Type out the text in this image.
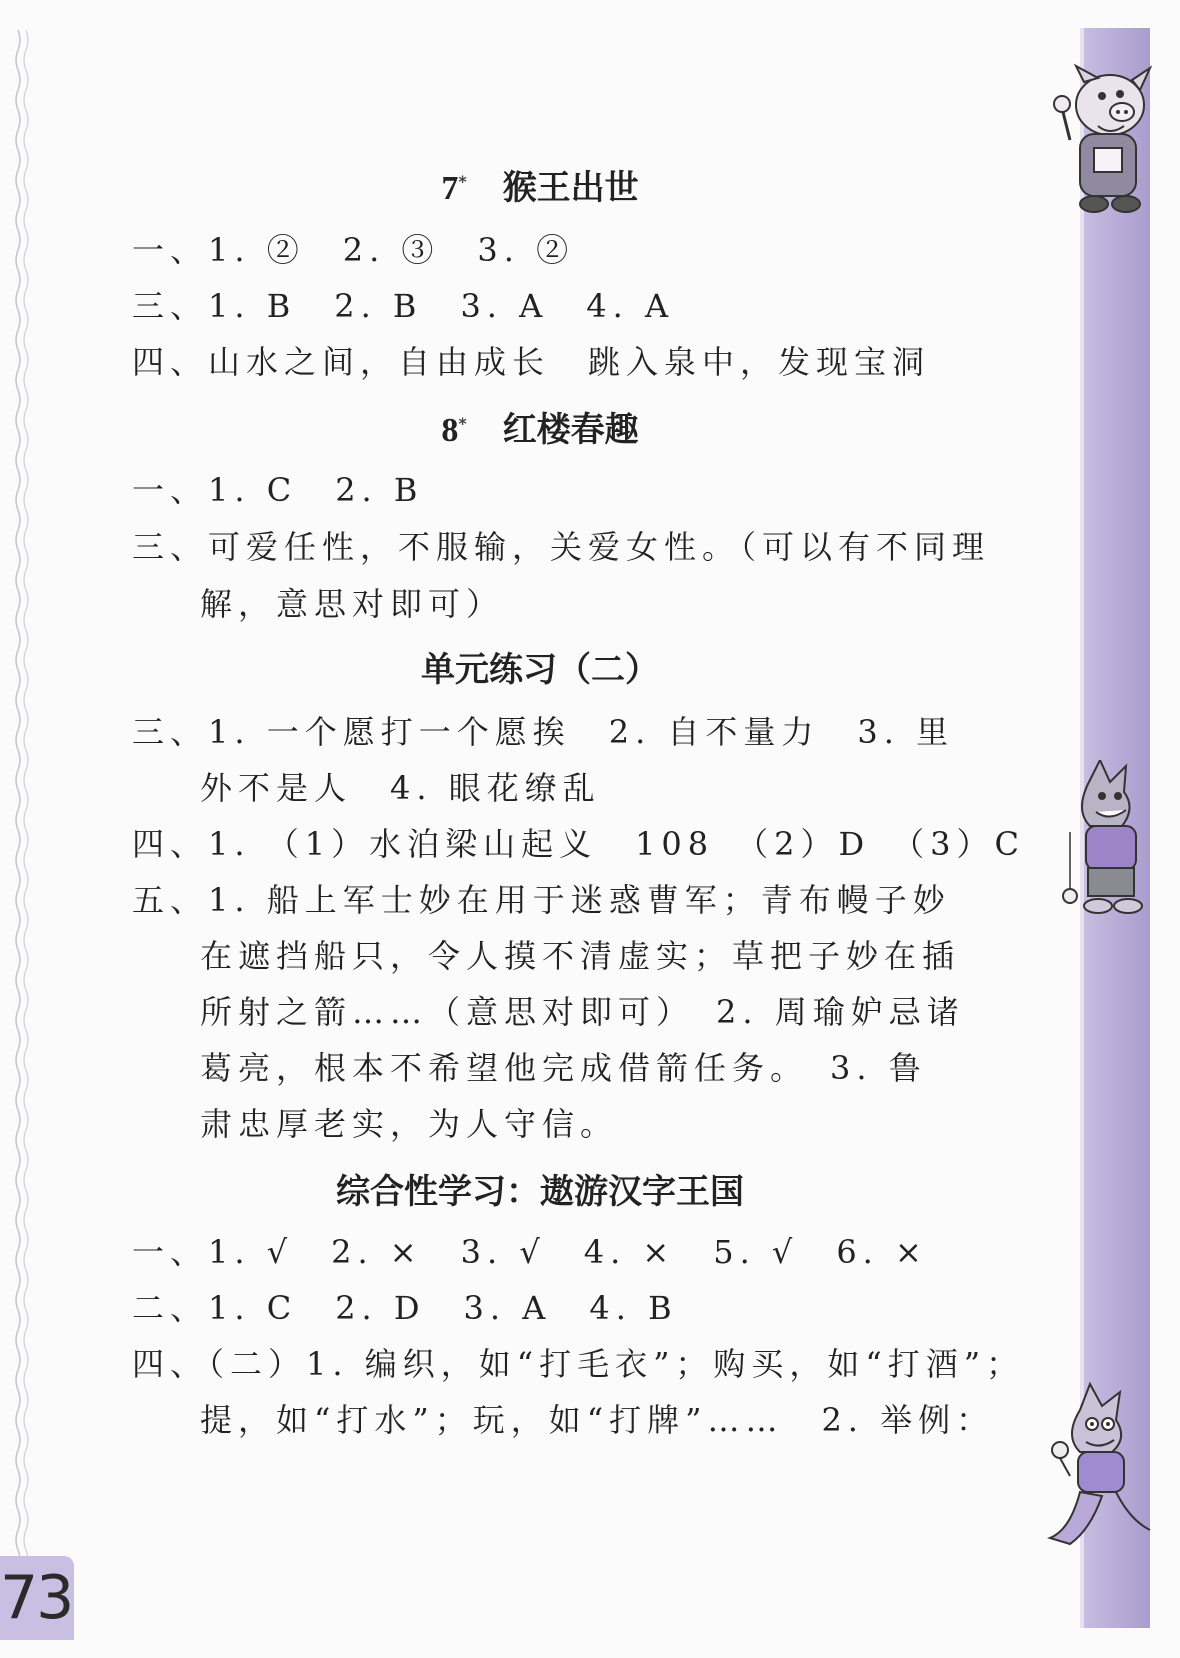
73
7* 猴王出世
一、1. ②　2. ③　3. ②
三、1. B　2. B　3. A　4. A
四、山水之间，自由成长　跳入泉中，发现宝洞
8* 红楼春趣
一、1. C　2. B
三、可爱任性，不服输，关爱女性。（可以有不同理
解，意思对即可）
单元练习（二）
三、1. 一个愿打一个愿挨　2. 自不量力　3. 里
外不是人　4. 眼花缭乱
四、1. （1）水泊梁山起义　108　（2）D　（3）C
五、1. 船上军士妙在用于迷惑曹军；青布幔子妙
在遮挡船只，令人摸不清虚实；草把子妙在插
所射之箭……（意思对即可）　2. 周瑜妒忌诸
葛亮，根本不希望他完成借箭任务。　3. 鲁
肃忠厚老实，为人守信。
综合性学习：遨游汉字王国
一、1. √　2. ×　3. √　4. ×　5. √　6. ×
二、1. C　2. D　3. A　4. B
四、（二）1. 编织，如“打毛衣”；购买，如“打酒”；
提，如“打水”；玩，如“打牌”……　2. 举例：
